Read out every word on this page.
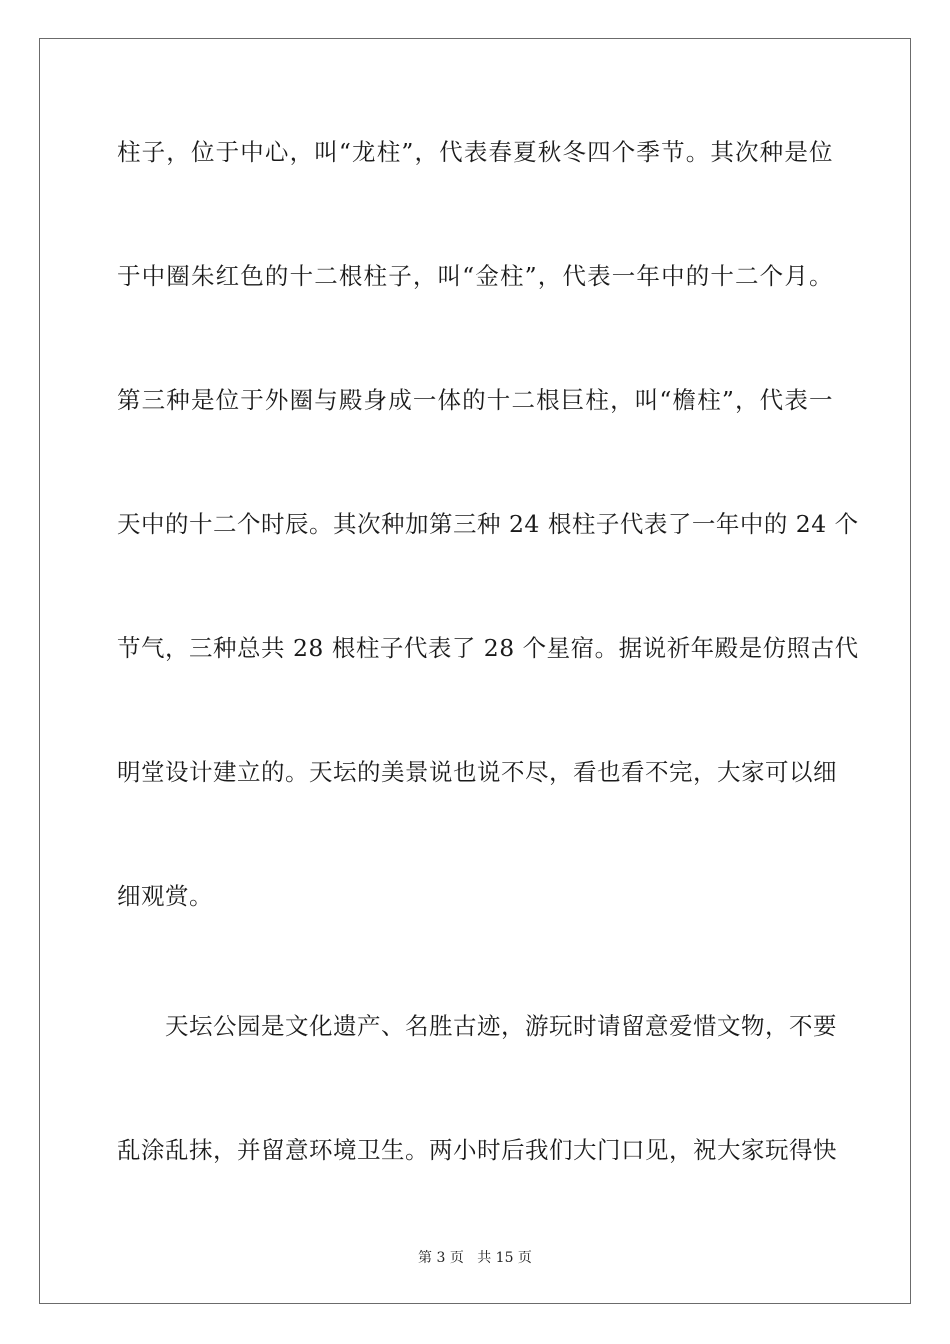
柱子，位于中心，叫“龙柱”，代表春夏秋冬四个季节。其次种是位
于中圈朱红色的十二根柱子，叫“金柱”，代表一年中的十二个月。
第三种是位于外圈与殿身成一体的十二根巨柱，叫“檐柱”，代表一
天中的十二个时辰。其次种加第三种 24 根柱子代表了一年中的 24 个
节气，三种总共 28 根柱子代表了 28 个星宿。据说祈年殿是仿照古代
明堂设计建立的。天坛的美景说也说不尽，看也看不完，大家可以细
细观赏。
天坛公园是文化遗产、名胜古迹，游玩时请留意爱惜文物，不要
乱涂乱抹，并留意环境卫生。两小时后我们大门口见，祝大家玩得快
第 3 页 共 15 页
